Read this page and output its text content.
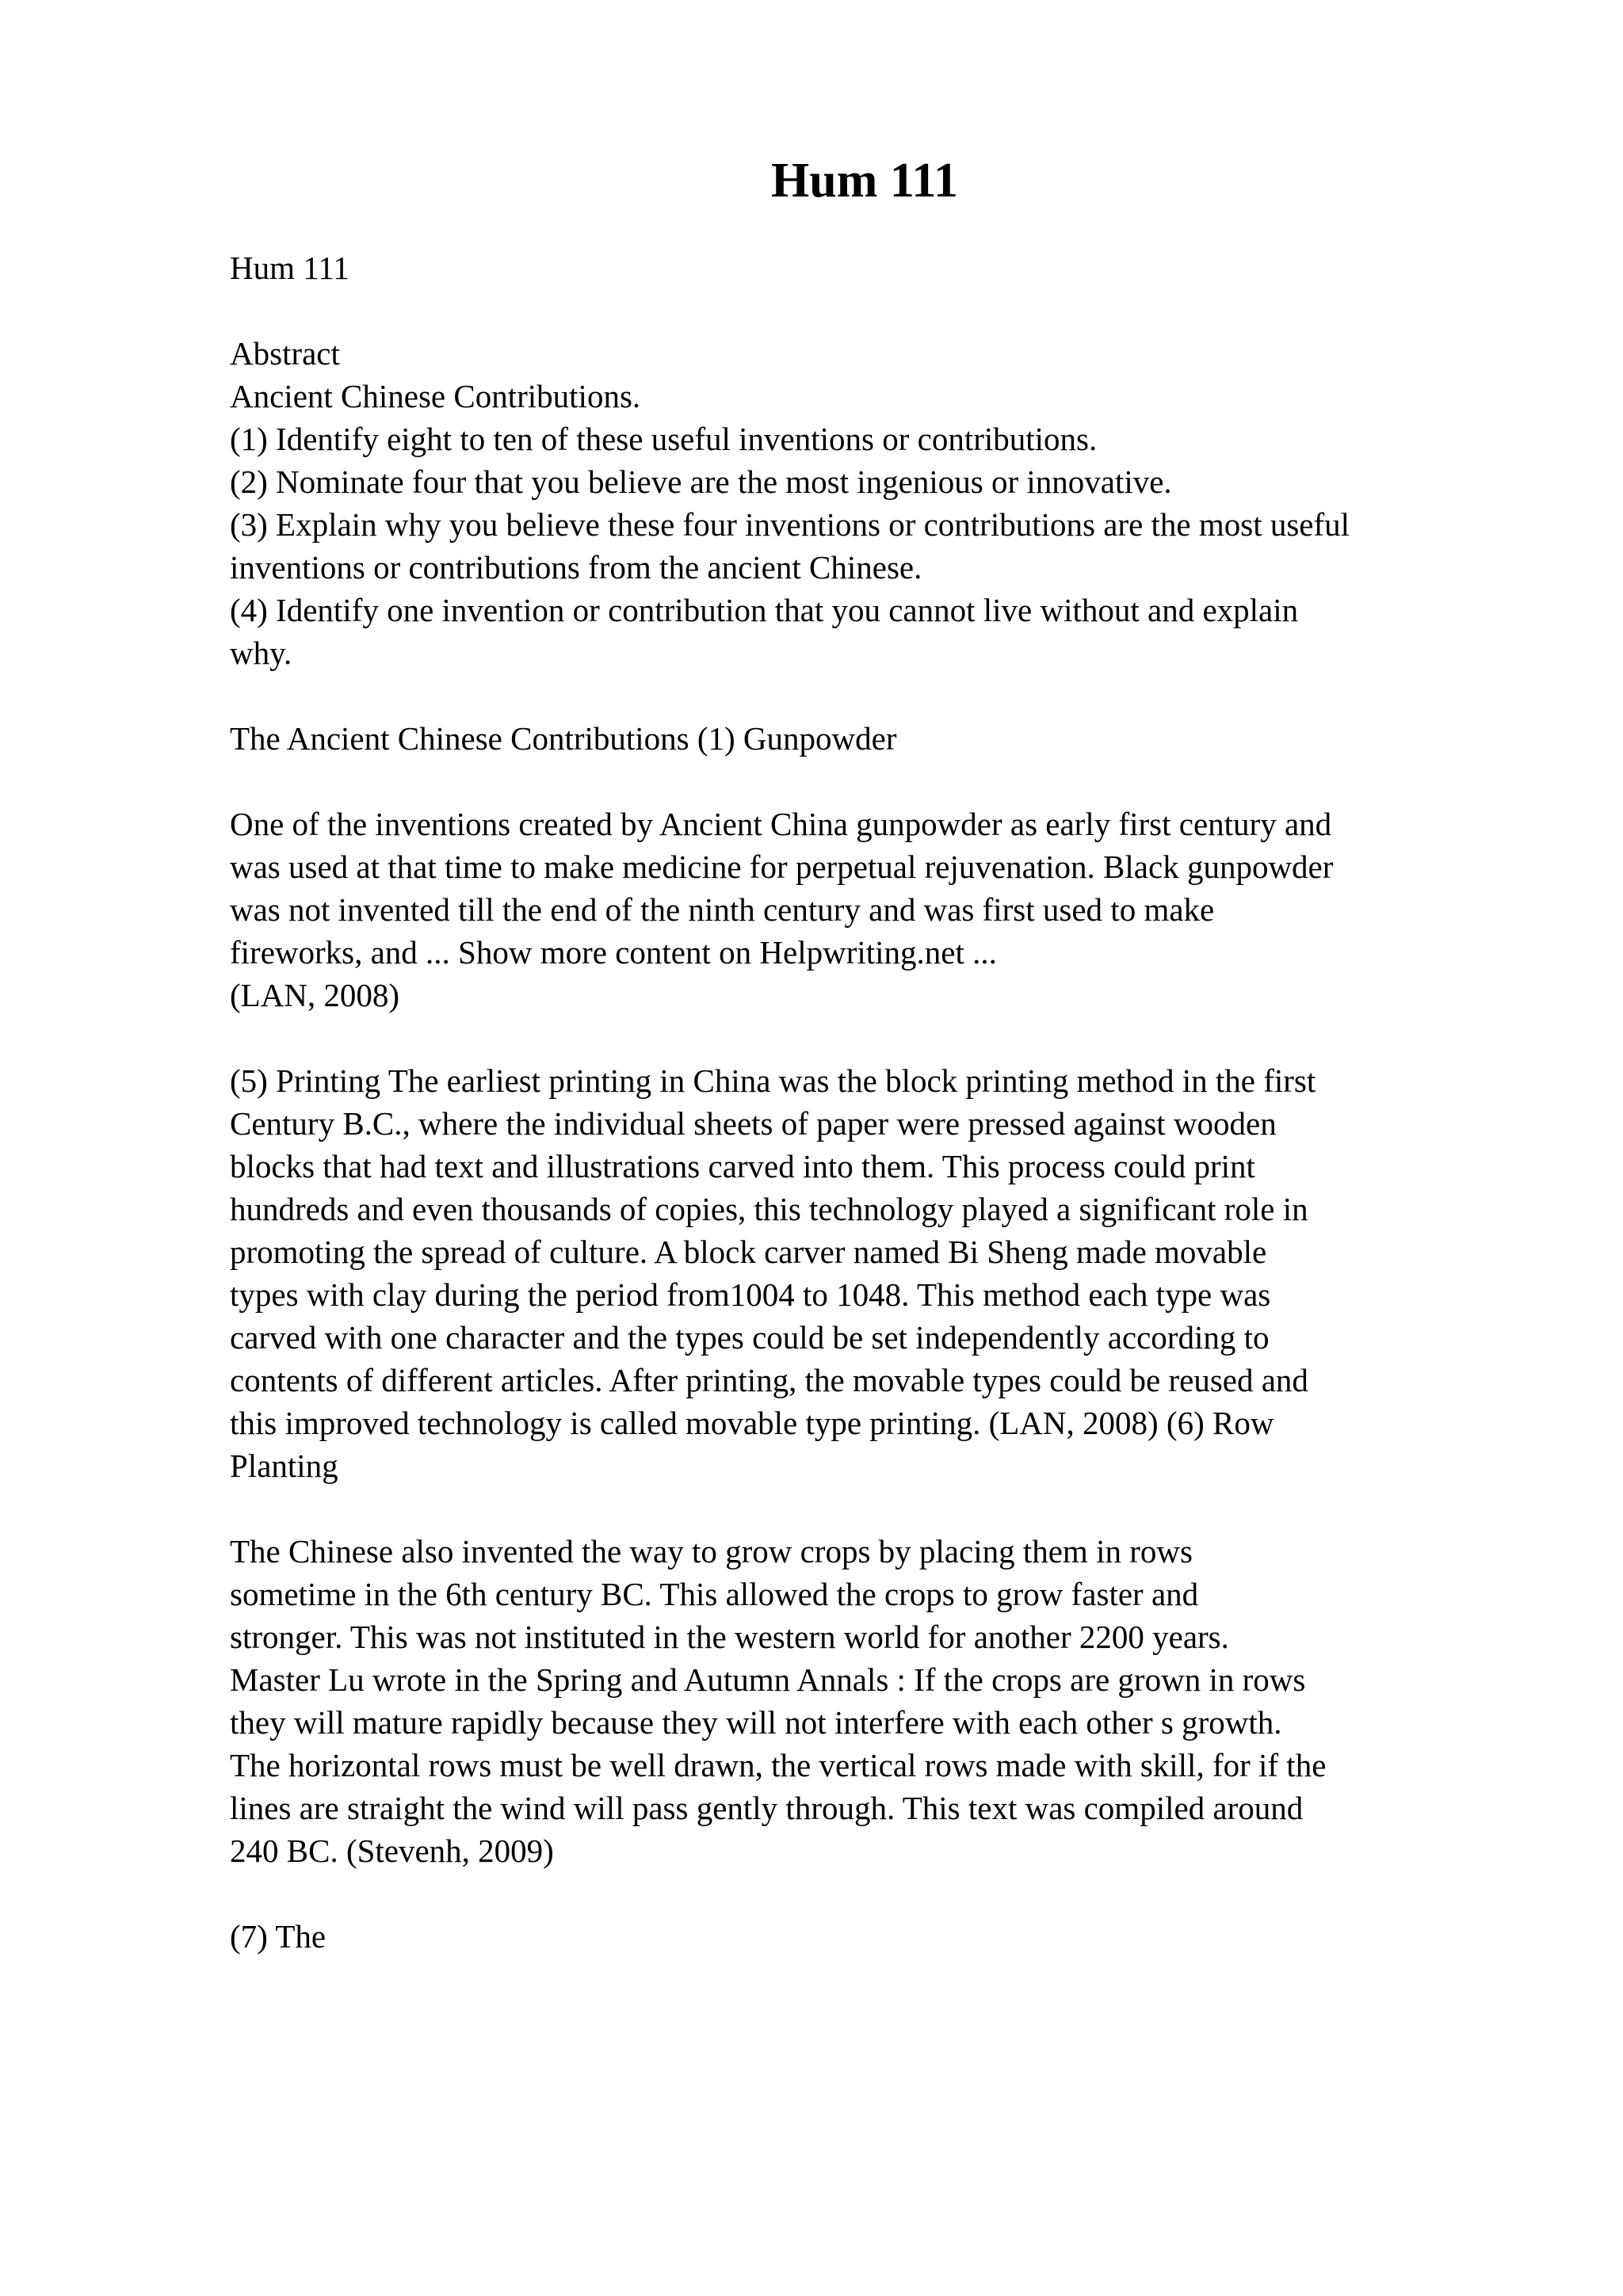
Hum 111

Hum 111

Abstract
Ancient Chinese Contributions.
(1) Identify eight to ten of these useful inventions or contributions.
(2) Nominate four that you believe are the most ingenious or innovative.
(3) Explain why you believe these four inventions or contributions are the most useful
inventions or contributions from the ancient Chinese.
(4) Identify one invention or contribution that you cannot live without and explain
why.

The Ancient Chinese Contributions (1) Gunpowder

One of the inventions created by Ancient China gunpowder as early first century and
was used at that time to make medicine for perpetual rejuvenation. Black gunpowder
was not invented till the end of the ninth century and was first used to make
fireworks, and ... Show more content on Helpwriting.net ...
(LAN, 2008)

(5) Printing The earliest printing in China was the block printing method in the first
Century B.C., where the individual sheets of paper were pressed against wooden
blocks that had text and illustrations carved into them. This process could print
hundreds and even thousands of copies, this technology played a significant role in
promoting the spread of culture. A block carver named Bi Sheng made movable
types with clay during the period from1004 to 1048. This method each type was
carved with one character and the types could be set independently according to
contents of different articles. After printing, the movable types could be reused and
this improved technology is called movable type printing. (LAN, 2008) (6) Row
Planting

The Chinese also invented the way to grow crops by placing them in rows
sometime in the 6th century BC. This allowed the crops to grow faster and
stronger. This was not instituted in the western world for another 2200 years.
Master Lu wrote in the Spring and Autumn Annals : If the crops are grown in rows
they will mature rapidly because they will not interfere with each other s growth.
The horizontal rows must be well drawn, the vertical rows made with skill, for if the
lines are straight the wind will pass gently through. This text was compiled around
240 BC. (Stevenh, 2009)

(7) The
